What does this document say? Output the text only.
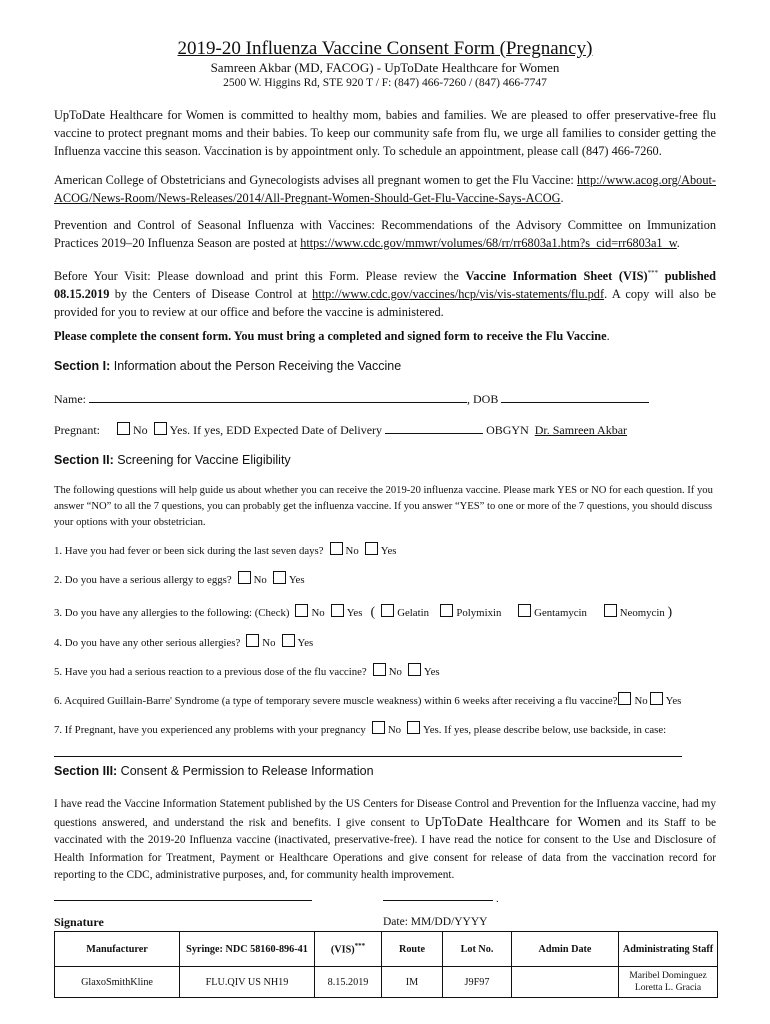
2019-20 Influenza Vaccine Consent Form (Pregnancy)
Samreen Akbar (MD, FACOG) - UpToDate Healthcare for Women
2500 W. Higgins Rd, STE 920 T / F: (847) 466-7260 / (847) 466-7747
UpToDate Healthcare for Women is committed to healthy mom, babies and families. We are pleased to offer preservative-free flu vaccine to protect pregnant moms and their babies. To keep our community safe from flu, we urge all families to consider getting the Influenza vaccine this season. Vaccination is by appointment only. To schedule an appointment, please call (847) 466-7260.
American College of Obstetricians and Gynecologists advises all pregnant women to get the Flu Vaccine: http://www.acog.org/About-ACOG/News-Room/News-Releases/2014/All-Pregnant-Women-Should-Get-Flu-Vaccine-Says-ACOG.
Prevention and Control of Seasonal Influenza with Vaccines: Recommendations of the Advisory Committee on Immunization Practices 2019–20 Influenza Season are posted at https://www.cdc.gov/mmwr/volumes/68/rr/rr6803a1.htm?s_cid=rr6803a1_w.
Before Your Visit: Please download and print this Form. Please review the Vaccine Information Sheet (VIS)*** published 08.15.2019 by the Centers of Disease Control at http://www.cdc.gov/vaccines/hcp/vis/vis-statements/flu.pdf. A copy will also be provided for you to review at our office and before the vaccine is administered.
Please complete the consent form. You must bring a completed and signed form to receive the Flu Vaccine.
Section I: Information about the Person Receiving the Vaccine
Name:	, DOB
Pregnant:	No Yes. If yes, EDD Expected Date of Delivery	OBGYN Dr. Samreen Akbar
Section II: Screening for Vaccine Eligibility
The following questions will help guide us about whether you can receive the 2019-20 influenza vaccine. Please mark YES or NO for each question. If you answer “NO” to all the 7 questions, you can probably get the influenza vaccine. If you answer “YES” to one or more of the 7 questions, you should discuss your options with your obstetrician.
1. Have you had fever or been sick during the last seven days? No Yes
2. Do you have a serious allergy to eggs? No Yes
3. Do you have any allergies to the following: (Check) No Yes ( Gelatin	Polymixin	Gentamycin	Neomycin )
4. Do you have any other serious allergies? No Yes
5. Have you had a serious reaction to a previous dose of the flu vaccine? No Yes
6. Acquired Guillain-Barre' Syndrome (a type of temporary severe muscle weakness) within 6 weeks after receiving a flu vaccine? No Yes
7. If Pregnant, have you experienced any problems with your pregnancy No Yes. If yes, please describe below, use backside, in case:
Section III: Consent & Permission to Release Information
I have read the Vaccine Information Statement published by the US Centers for Disease Control and Prevention for the Influenza vaccine, had my questions answered, and understand the risk and benefits. I give consent to UpToDate Healthcare for Women and its Staff to be vaccinated with the 2019-20 Influenza vaccine (inactivated, preservative-free). I have read the notice for consent to the Use and Disclosure of Health Information for Treatment, Payment or Healthcare Operations and give consent for release of data from the vaccination record for reporting to the CDC, administrative purposes, and, for community health improvement.
.
Signature	Date: MM/DD/YYYY
Manufacturer	Syringe: NDC 58160-896-41	(VIS)***	Route	Lot No.	Admin Date	Administrating Staff
GlaxoSmithKline	FLU.QIV US NH19	8.15.2019	IM	J9F97		Maribel Dominguez
Loretta L. Gracia
